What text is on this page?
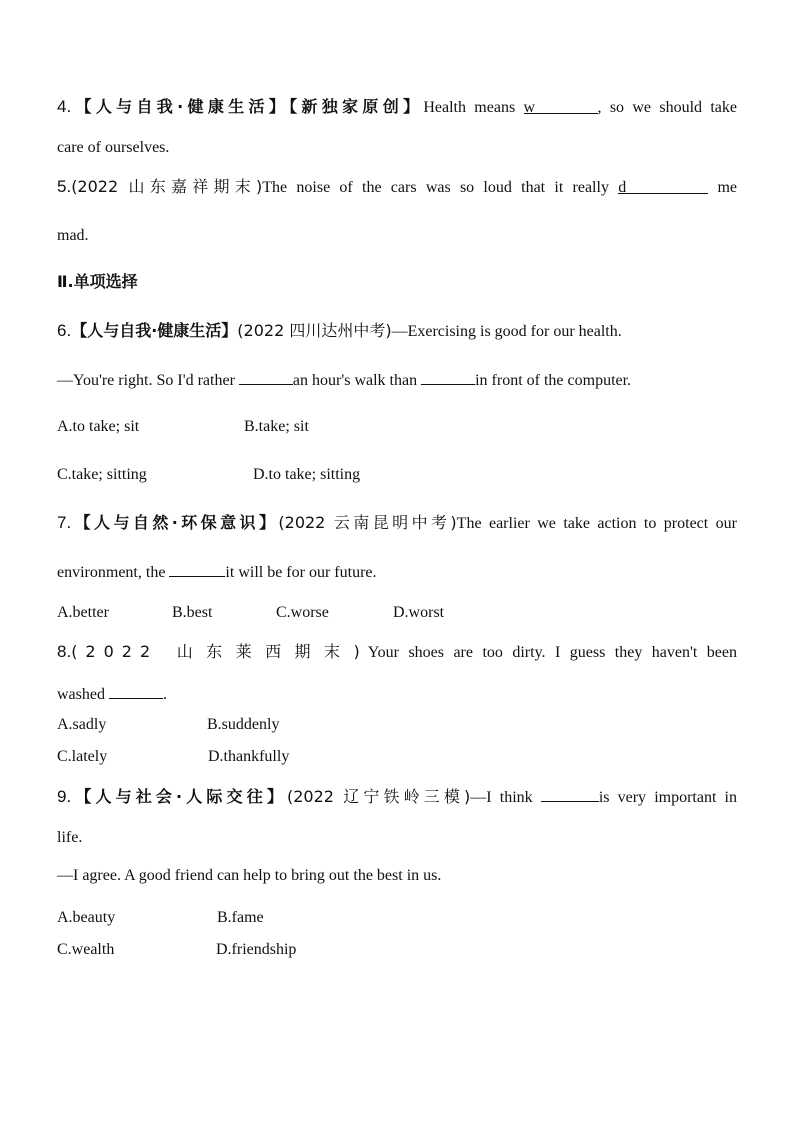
4.【人与自我·健康生活】【新独家原创】Health means w	, so we should take
care of ourselves.
5.(2022 山东嘉祥期末)The noise of the cars was so loud that it really d	me
mad.
Ⅱ.单项选择
6.【人与自我·健康生活】(2022 四川达州中考)—Exercising is good for our health.
—You're right. So I'd rather	an hour's walk than	in front of the computer.
A.to take; sit	B.take; sit
C.take; sitting	D.to take; sitting
7.【人与自然·环保意识】(2022 云南昆明中考)The earlier we take action to protect our
environment, the	it will be for our future.
A.better	B.best	C.worse	D.worst
8.(2022 山东莱西期末)Your shoes are too dirty. I guess they haven't been
washed	.
A.sadly	B.suddenly
C.lately	D.thankfully
9.【人与社会·人际交往】(2022 辽宁铁岭三模)—I think	is very important in
life.
—I agree. A good friend can help to bring out the best in us.
A.beauty	B.fame
C.wealth	D.friendship
